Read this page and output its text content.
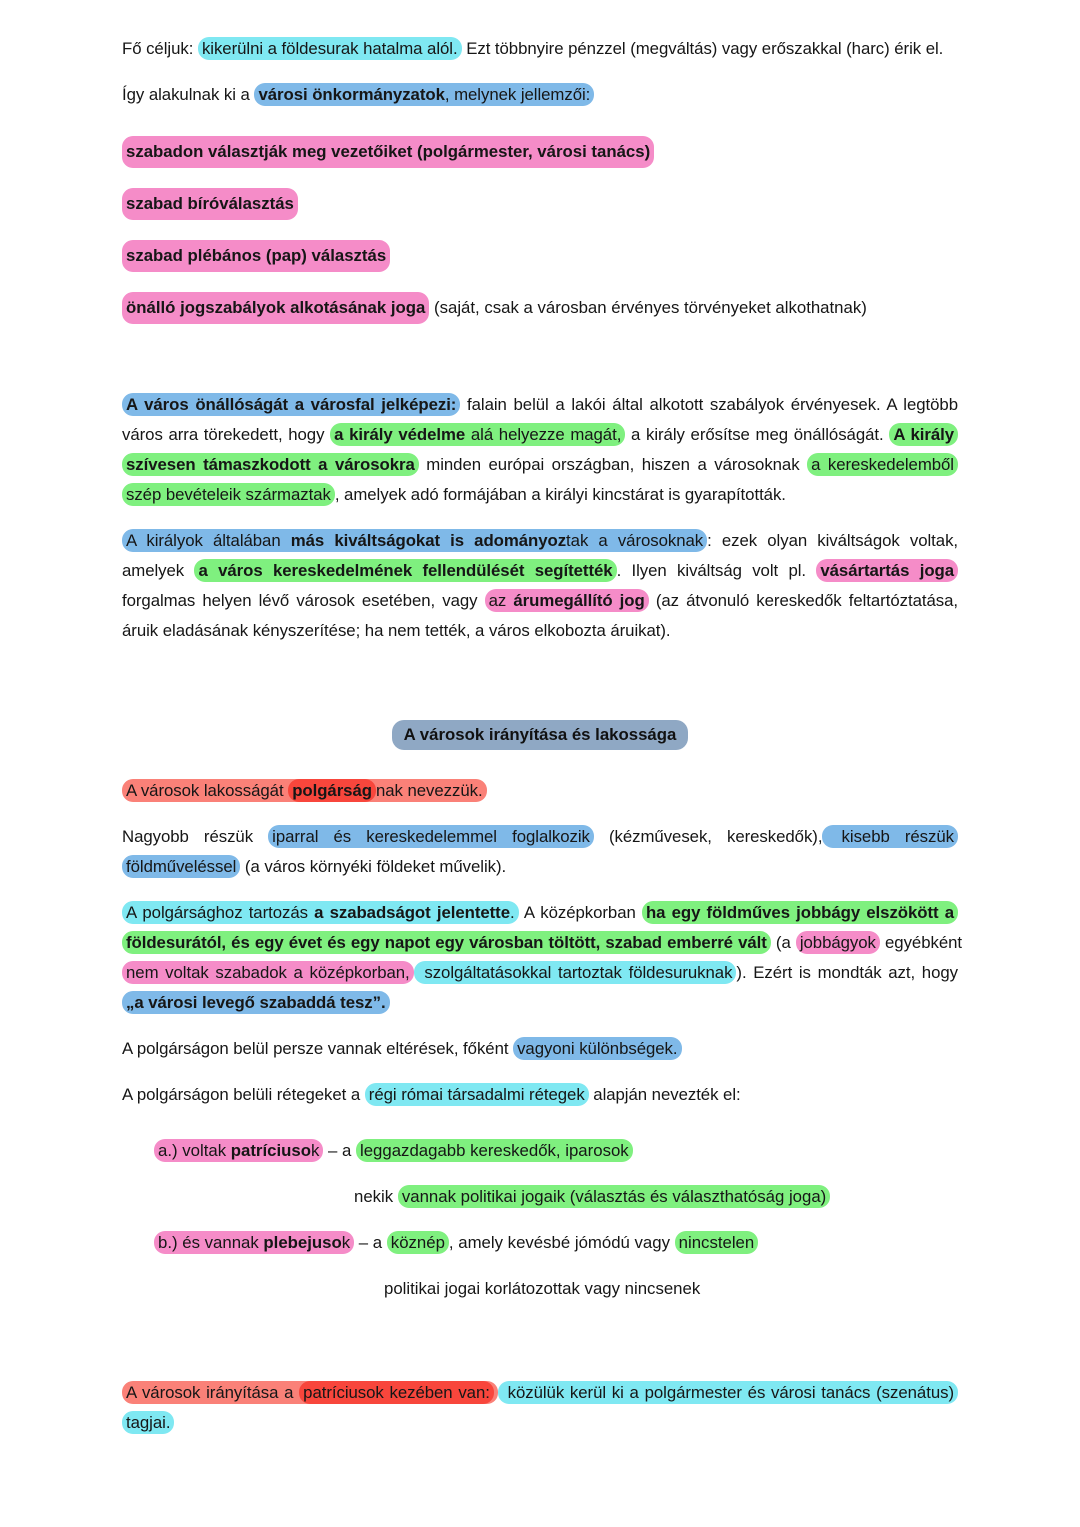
Fő céljuk: kikerülni a földesurak hatalma alól. Ezt többnyire pénzzel (megváltás) vagy erőszakkal (harc) érik el.

Így alakulnak ki a városi önkormányzatok, melynek jellemzői:

szabadon választják meg vezetőiket (polgármester, városi tanács)
szabad bíróválasztás
szabad plébános (pap) választás
önálló jogszabályok alkotásának joga (saját, csak a városban érvényes törvényeket alkothatnak)

A város önállóságát a városfal jelképezi: falain belül a lakói által alkotott szabályok érvényesek. A legtöbb város arra törekedett, hogy a király védelme alá helyezze magát, a király erősítse meg önállóságát. A király szívesen támaszkodott a városokra minden európai országban, hiszen a városoknak a kereskedelemből szép bevételeik származtak , amelyek adó formájában a királyi kincstárat is gyarapították.

A királyok általában más kiváltságokat is adományoztak a városoknak : ezek olyan kiváltságok voltak, amelyek a város kereskedelmének fellendülését segítették . Ilyen kiváltság volt pl. vásártartás joga forgalmas helyen lévő városok esetében, vagy az árumegállító jog (az átvonuló kereskedők feltartóztatása, áruik eladásának kényszerítése; ha nem tették, a város elkobozta áruikat).

A városok irányítása és lakossága

A városok lakosságát polgárság nak nevezzük.

Nagyobb részük iparral és kereskedelemmel foglalkozik (kézművesek, kereskedők), kisebb részük földműveléssel (a város környéki földeket művelik).

A polgársághoz tartozás a szabadságot jelentette. A középkorban ha egy földműves jobbágy elszökött a földesurától, és egy évet és egy napot egy városban töltött, szabad emberré vált (a jobbágyok egyébként nem voltak szabadok a középkorban, szolgáltatásokkal tartoztak földesuruknak ). Ezért is mondták azt, hogy „a városi levegő szabaddá tesz”.

A polgárságon belül persze vannak eltérések, főként vagyoni különbségek.

A polgárságon belüli rétegeket a régi római társadalmi rétegek alapján nevezték el:

a.) voltak patríciusok – a leggazdagabb kereskedők, iparosok
nekik vannak politikai jogaik (választás és választhatóság joga)
b.) és vannak plebejusok – a köznép , amely kevésbé jómódú vagy nincstelen
politikai jogai korlátozottak vagy nincsenek

A városok irányítása a patríciusok kezében van: közülük kerül ki a polgármester és városi tanács (szenátus) tagjai.
